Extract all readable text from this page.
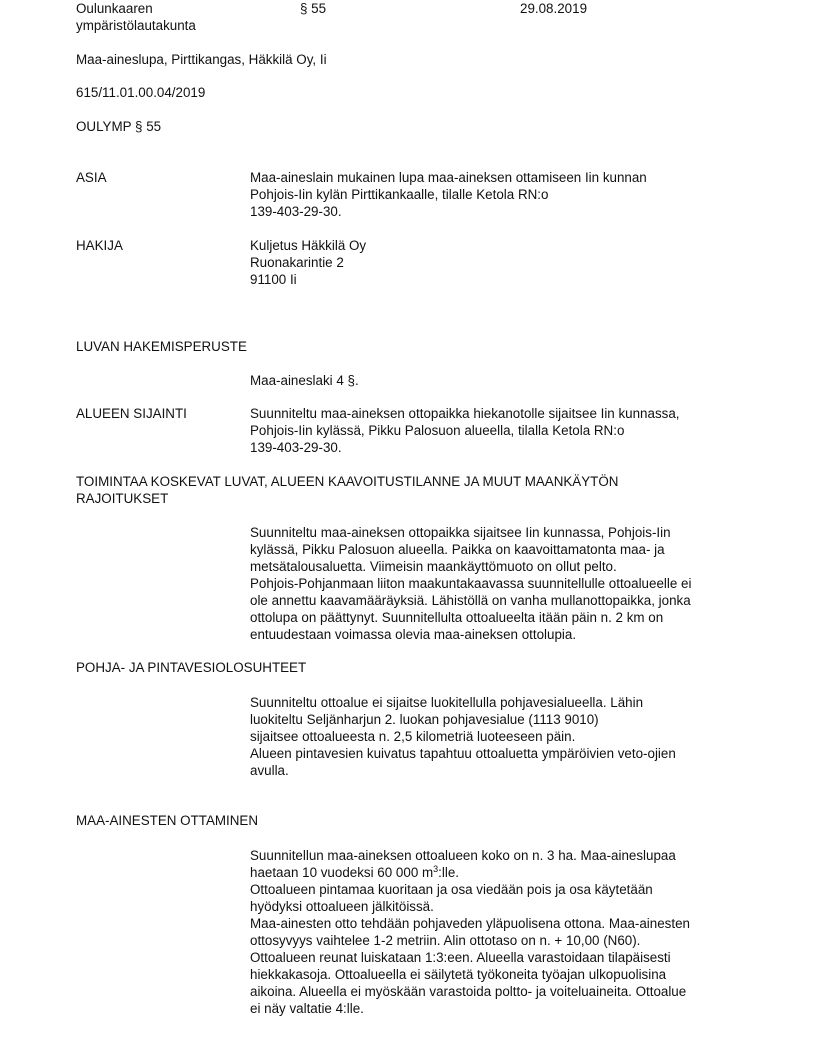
Oulunkaaren
ympäristölautakunta
§ 55	29.08.2019
Maa-aineslupa, Pirttikangas, Häkkilä Oy, Ii
615/11.01.00.04/2019
OULYMP § 55
ASIA	Maa-aineslain mukainen lupa maa-aineksen ottamiseen Iin kunnan
Pohjois-Iin kylän Pirttikankaalle, tilalle Ketola RN:o
139-403-29-30.
HAKIJA	Kuljetus Häkkilä Oy
Ruonakarintie 2
91100 Ii
LUVAN HAKEMISPERUSTE
Maa-aineslaki 4 §.
ALUEEN SIJAINTI	Suunniteltu maa-aineksen ottopaikka hiekanotolle sijaitsee Iin kunnassa,
Pohjois-Iin kylässä, Pikku Palosuon alueella, tilalla Ketola RN:o
139-403-29-30.
TOIMINTAA KOSKEVAT LUVAT, ALUEEN KAAVOITUSTILANNE JA MUUT MAANKÄYTÖN
RAJOITUKSET
Suunniteltu maa-aineksen ottopaikka sijaitsee Iin kunnassa, Pohjois-Iin
kylässä, Pikku Palosuon alueella. Paikka on kaavoittamatonta maa- ja
metsätalousaluetta. Viimeisin maankäyttömuoto on ollut pelto.
Pohjois-Pohjanmaan liiton maakuntakaavassa suunnitellulle ottoalueelle ei
ole annettu kaavamääräyksiä. Lähistöllä on vanha mullanottopaikka, jonka
ottolupa on päättynyt. Suunnitellulta ottoalueelta itään päin n. 2 km on
entuudestaan voimassa olevia maa-aineksen ottolupia.
POHJA- JA PINTAVESIOLOSUHTEET
Suunniteltu ottoalue ei sijaitse luokitellulla pohjavesialueella. Lähin
luokiteltu Seljänharjun 2. luokan pohjavesialue (1113 9010)
sijaitsee ottoalueesta n. 2,5 kilometriä luoteeseen päin.
Alueen pintavesien kuivatus tapahtuu ottoaluetta ympäröivien veto-ojien
avulla.
MAA-AINESTEN OTTAMINEN
Suunnitellun maa-aineksen ottoalueen koko on n. 3 ha. Maa-aineslupaa
haetaan 10 vuodeksi 60 000 $m^3:lle$.
Ottoalueen pintamaa kuoritaan ja osa viedään pois ja osa käytetään
hyödyksi ottoalueen jälkitöissä.
Maa-ainesten otto tehdään pohjaveden yläpuolisena ottona. Maa-ainesten
ottosyvyys vaihtelee 1-2 metriin. Alin ottotaso on n. + 10,00 (N60).
Ottoalueen reunat luiskataan 1:3:een. Alueella varastoidaan tilapäisesti
hiekkakasoja. Ottoalueella ei säilytetä työkoneita työajan ulkopuolisina
aikoina. Alueella ei myöskään varastoida poltto- ja voiteluaineita. Ottoalue
ei näy valtatie 4:lle.
